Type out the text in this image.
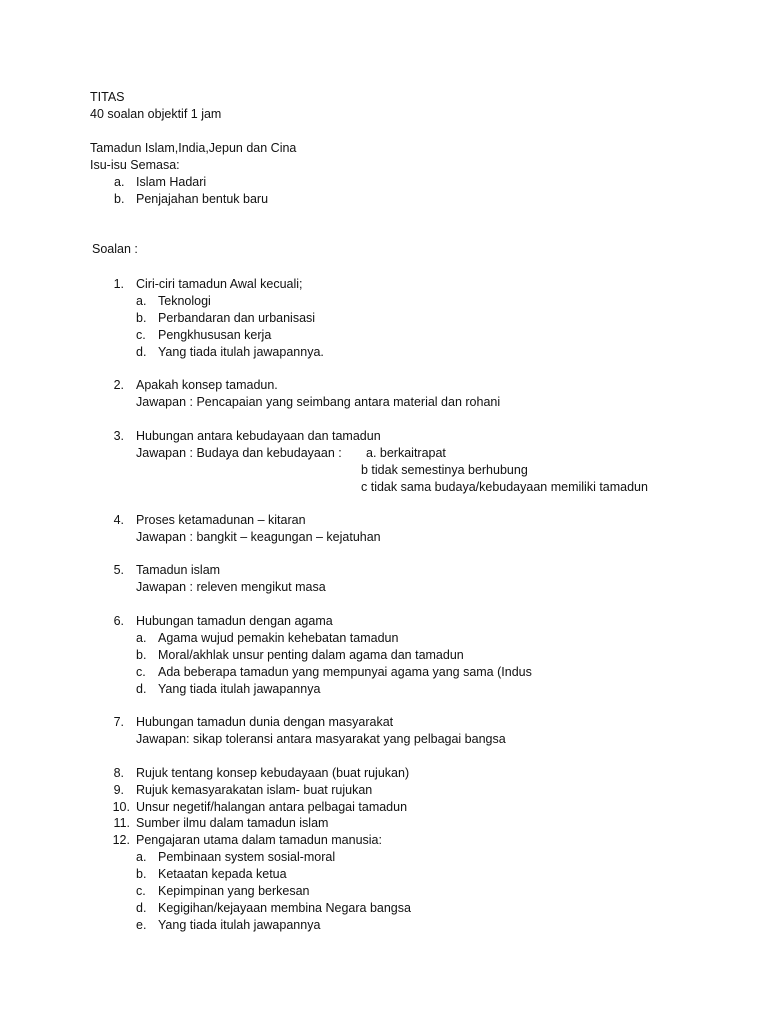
TITAS
40 soalan objektif 1 jam
Tamadun Islam,India,Jepun dan Cina
Isu-isu Semasa:
a. Islam Hadari
b. Penjajahan bentuk baru
Soalan :
1. Ciri-ciri tamadun Awal kecuali;
a. Teknologi
b. Perbandaran dan urbanisasi
c. Pengkhususan kerja
d. Yang tiada itulah jawapannya.
2. Apakah konsep tamadun.
Jawapan : Pencapaian yang seimbang antara material dan rohani
3. Hubungan antara kebudayaan dan tamadun
Jawapan : Budaya dan kebudayaan : a. berkaitrapat
b tidak semestinya berhubung
c tidak sama budaya/kebudayaan memiliki tamadun
4. Proses ketamadunan – kitaran
Jawapan : bangkit – keagungan – kejatuhan
5. Tamadun islam
Jawapan : releven mengikut masa
6. Hubungan tamadun dengan agama
a. Agama wujud pemakin kehebatan tamadun
b. Moral/akhlak unsur penting dalam agama dan tamadun
c. Ada beberapa tamadun yang mempunyai agama yang sama (Indus
d. Yang tiada itulah jawapannya
7. Hubungan tamadun dunia dengan masyarakat
Jawapan: sikap toleransi antara masyarakat yang pelbagai bangsa
8. Rujuk tentang konsep kebudayaan (buat rujukan)
9. Rujuk kemasyarakatan islam- buat rujukan
10. Unsur negetif/halangan antara pelbagai tamadun
11. Sumber ilmu dalam tamadun islam
12. Pengajaran utama dalam tamadun manusia:
a. Pembinaan system sosial-moral
b. Ketaatan kepada ketua
c. Kepimpinan yang berkesan
d. Kegigihan/kejayaan membina Negara bangsa
e. Yang tiada itulah jawapannya
